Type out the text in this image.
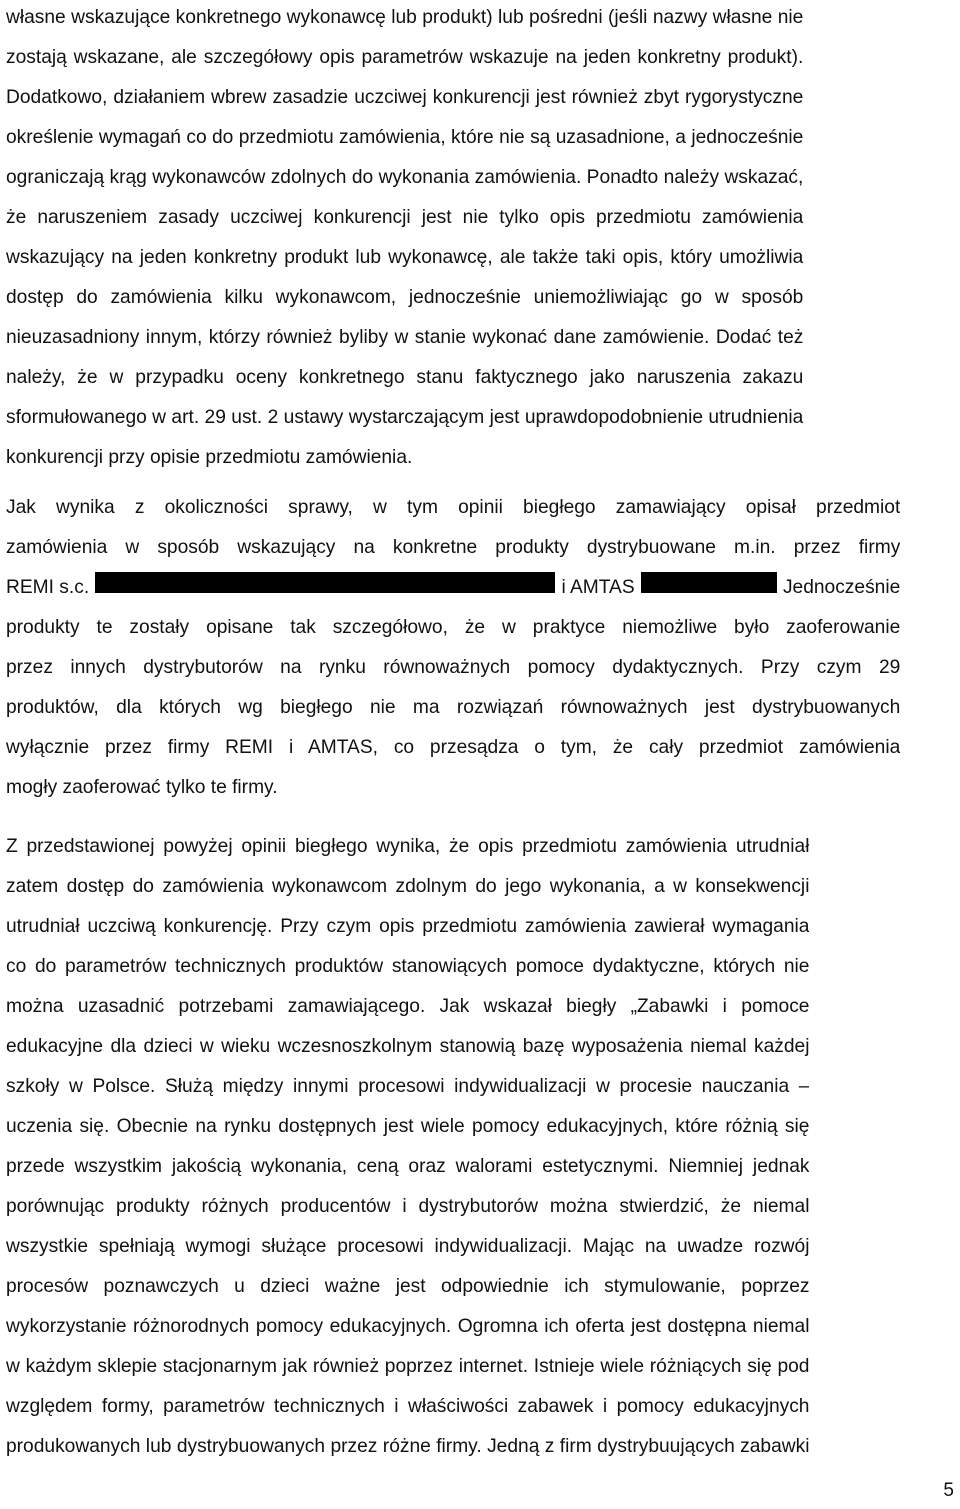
własne wskazujące konkretnego wykonawcę lub produkt) lub pośredni (jeśli nazwy własne nie
zostają wskazane, ale szczegółowy opis parametrów wskazuje na jeden konkretny produkt).
Dodatkowo, działaniem wbrew zasadzie uczciwej konkurencji jest również zbyt rygorystyczne
określenie wymagań co do przedmiotu zamówienia, które nie są uzasadnione, a jednocześnie
ograniczają krąg wykonawców zdolnych do wykonania zamówienia. Ponadto należy wskazać,
że naruszeniem zasady uczciwej konkurencji jest nie tylko opis przedmiotu zamówienia
wskazujący na jeden konkretny produkt lub wykonawcę, ale także taki opis, który umożliwia
dostęp do zamówienia kilku wykonawcom, jednocześnie uniemożliwiając go w sposób
nieuzasadniony innym, którzy również byliby w stanie wykonać dane zamówienie. Dodać też
należy, że w przypadku oceny konkretnego stanu faktycznego jako naruszenia zakazu
sformułowanego w art. 29 ust. 2 ustawy wystarczającym jest uprawdopodobnienie utrudnienia
konkurencji przy opisie przedmiotu zamówienia.
Jak wynika z okoliczności sprawy, w tym opinii biegłego zamawiający opisał przedmiot
zamówienia w sposób wskazujący na konkretne produkty dystrybuowane m.in. przez firmy
REMI s.c.	i AMTAS	Jednocześnie
produkty te zostały opisane tak szczegółowo, że w praktyce niemożliwe było zaoferowanie
przez innych dystrybutorów na rynku równoważnych pomocy dydaktycznych. Przy czym 29
produktów, dla których wg biegłego nie ma rozwiązań równoważnych jest dystrybuowanych
wyłącznie przez firmy REMI i AMTAS, co przesądza o tym, że cały przedmiot zamówienia
mogły zaoferować tylko te firmy.
Z przedstawionej powyżej opinii biegłego wynika, że opis przedmiotu zamówienia utrudniał
zatem dostęp do zamówienia wykonawcom zdolnym do jego wykonania, a w konsekwencji
utrudniał uczciwą konkurencję. Przy czym opis przedmiotu zamówienia zawierał wymagania
co do parametrów technicznych produktów stanowiących pomoce dydaktyczne, których nie
można uzasadnić potrzebami zamawiającego. Jak wskazał biegły „Zabawki i pomoce
edukacyjne dla dzieci w wieku wczesnoszkolnym stanowią bazę wyposażenia niemal każdej
szkoły w Polsce. Służą między innymi procesowi indywidualizacji w procesie nauczania –
uczenia się. Obecnie na rynku dostępnych jest wiele pomocy edukacyjnych, które różnią się
przede wszystkim jakością wykonania, ceną oraz walorami estetycznymi. Niemniej jednak
porównując produkty różnych producentów i dystrybutorów można stwierdzić, że niemal
wszystkie spełniają wymogi służące procesowi indywidualizacji. Mając na uwadze rozwój
procesów poznawczych u dzieci ważne jest odpowiednie ich stymulowanie, poprzez
wykorzystanie różnorodnych pomocy edukacyjnych. Ogromna ich oferta jest dostępna niemal
w każdym sklepie stacjonarnym jak również poprzez internet. Istnieje wiele różniących się pod
względem formy, parametrów technicznych i właściwości zabawek i pomocy edukacyjnych
produkowanych lub dystrybuowanych przez różne firmy. Jedną z firm dystrybuujących zabawki
5
